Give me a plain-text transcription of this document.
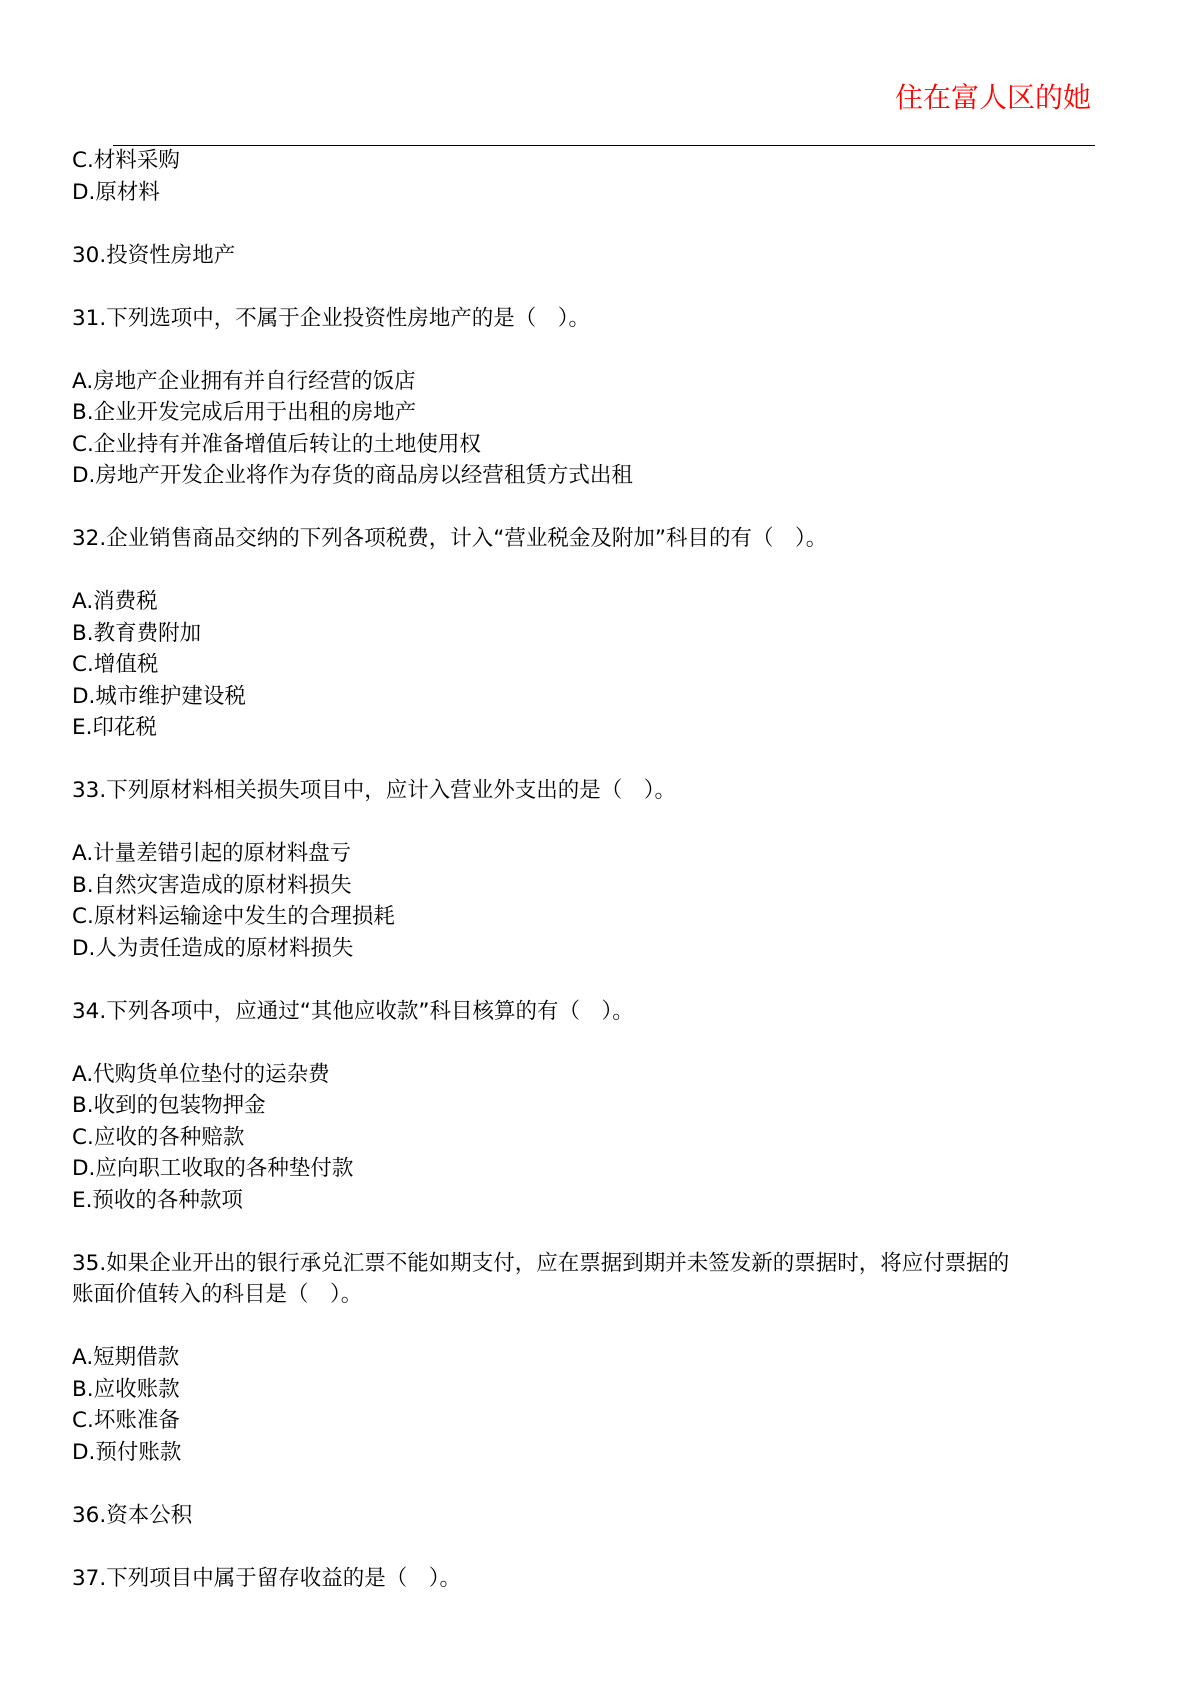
住在富人区的她
C.材料采购
D.原材料
30.投资性房地产
31.下列选项中，不属于企业投资性房地产的是（　）。
A.房地产企业拥有并自行经营的饭店
B.企业开发完成后用于出租的房地产
C.企业持有并准备增值后转让的土地使用权
D.房地产开发企业将作为存货的商品房以经营租赁方式出租
32.企业销售商品交纳的下列各项税费，计入“营业税金及附加”科目的有（　）。
A.消费税
B.教育费附加
C.增值税
D.城市维护建设税
E.印花税
33.下列原材料相关损失项目中，应计入营业外支出的是（　）。
A.计量差错引起的原材料盘亏
B.自然灾害造成的原材料损失
C.原材料运输途中发生的合理损耗
D.人为责任造成的原材料损失
34.下列各项中，应通过“其他应收款”科目核算的有（　）。
A.代购货单位垫付的运杂费
B.收到的包装物押金
C.应收的各种赔款
D.应向职工收取的各种垫付款
E.预收的各种款项
35.如果企业开出的银行承兑汇票不能如期支付，应在票据到期并未签发新的票据时，将应付票据的
账面价值转入的科目是（　）。
A.短期借款
B.应收账款
C.坏账准备
D.预付账款
36.资本公积
37.下列项目中属于留存收益的是（　）。
